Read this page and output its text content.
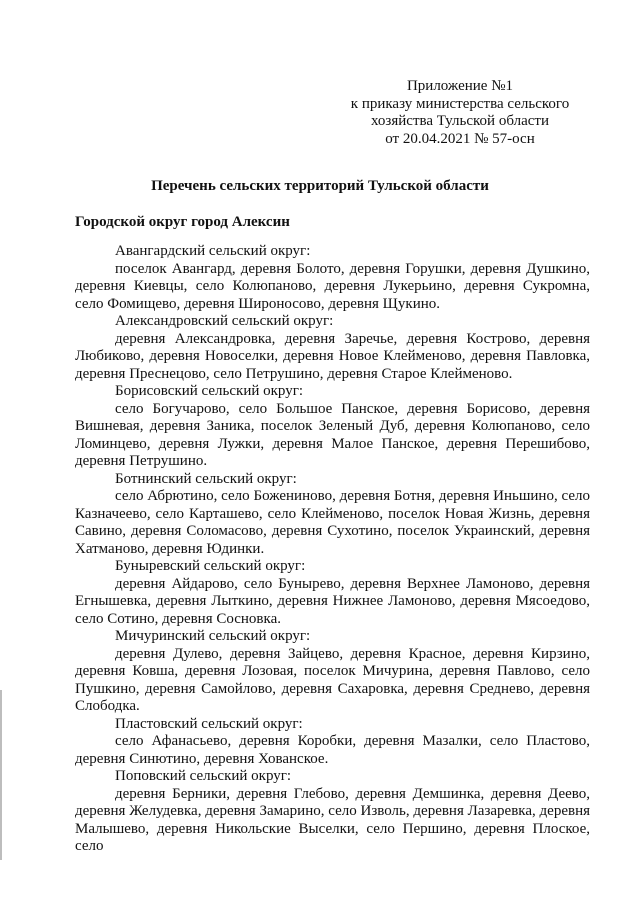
Приложение №1
к приказу министерства сельского
хозяйства Тульской области
от 20.04.2021 № 57-осн
Перечень сельских территорий Тульской области
Городской округ город Алексин
Авангардский сельский округ:
поселок Авангард, деревня Болото, деревня Горушки, деревня Душкино, деревня Киевцы, село Колюпаново, деревня Лукерьино, деревня Сукромна, село Фомищево, деревня Широносово, деревня Щукино.
Александровский сельский округ:
деревня Александровка, деревня Заречье, деревня Кострово, деревня Любиково, деревня Новоселки, деревня Новое Клейменово, деревня Павловка, деревня Преснецово, село Петрушино, деревня Старое Клейменово.
Борисовский сельский округ:
село Богучарово, село Большое Панское, деревня Борисово, деревня Вишневая, деревня Заникa, поселок Зеленый Дуб, деревня Колюпаново, село Ломинцево, деревня Лужки, деревня Малое Панское, деревня Перешибово, деревня Петрушино.
Ботнинский сельский округ:
село Абрютино, село Божениново, деревня Ботня, деревня Иньшино, село Казначеево, село Карташево, село Клейменово, поселок Новая Жизнь, деревня Савино, деревня Соломасово, деревня Сухотино, поселок Украинский, деревня Хатманово, деревня Юдинки.
Буныревский сельский округ:
деревня Айдарово, село Бунырево, деревня Верхнее Ламоново, деревня Егнышевка, деревня Лыткино, деревня Нижнее Ламоново, деревня Мясоедово, село Сотино, деревня Сосновка.
Мичуринский сельский округ:
деревня Дулево, деревня Зайцево, деревня Красное, деревня Кирзино, деревня Ковша, деревня Лозовая, поселок Мичурина, деревня Павлово, село Пушкино, деревня Самойлово, деревня Сахаровка, деревня Среднево, деревня Слободка.
Пластовский сельский округ:
село Афанасьево, деревня Коробки, деревня Мазалки, село Пластово, деревня Синютино, деревня Хованское.
Поповский сельский округ:
деревня Берники, деревня Глебово, деревня Демшинка, деревня Деево, деревня Желудевка, деревня Замарино, село Изволь, деревня Лазаревка, деревня Малышево, деревня Никольские Выселки, село Першино, деревня Плоское, село
